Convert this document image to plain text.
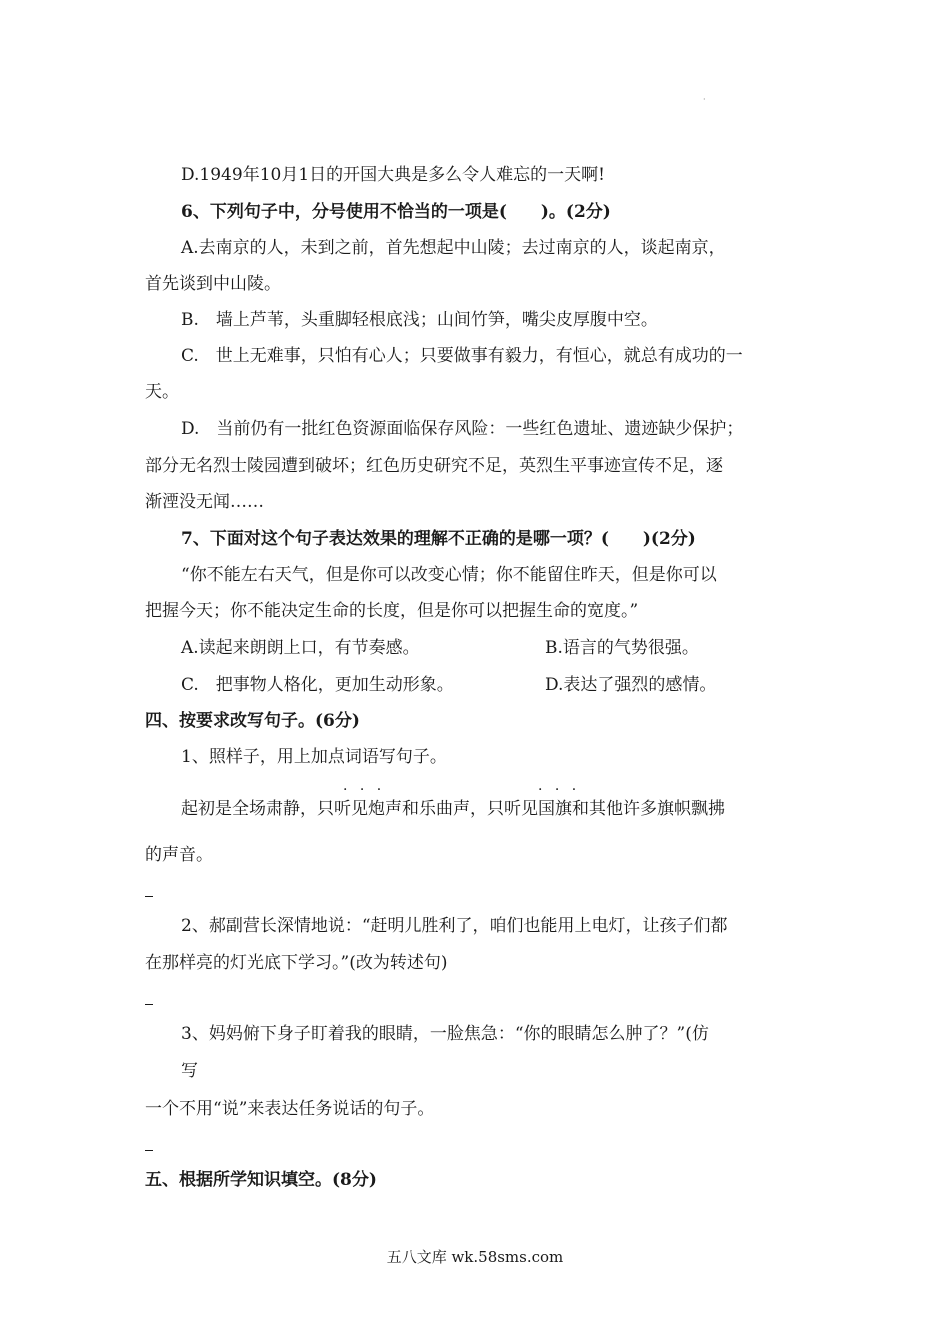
·
D.1949年10月1日的开国大典是多么令人难忘的一天啊!
6、下列句子中，分号使用不恰当的一项是(　　)。(2分)
A.去南京的人，未到之前，首先想起中山陵；去过南京的人，谈起南京，
首先谈到中山陵。
B.　墙上芦苇，头重脚轻根底浅；山间竹笋，嘴尖皮厚腹中空。
C.　世上无难事，只怕有心人；只要做事有毅力，有恒心，就总有成功的一
天。
D.　当前仍有一批红色资源面临保存风险：一些红色遗址、遗迹缺少保护；
部分无名烈士陵园遭到破坏；红色历史研究不足，英烈生平事迹宣传不足，逐
渐湮没无闻……
7、下面对这个句子表达效果的理解不正确的是哪一项？(　　)(2分)
“你不能左右天气，但是你可以改变心情；你不能留住昨天，但是你可以
把握今天；你不能决定生命的长度，但是你可以把握生命的宽度。”
A.读起来朗朗上口，有节奏感。	B.语言的气势很强。
C.　把事物人格化，更加生动形象。	D.表达了强烈的感情。
四、按要求改写句子。(6分)
1、照样子，用上加点词语写句子。
· · ·	· · ·
起初是全场肃静，只听见炮声和乐曲声，只听见国旗和其他许多旗帜飘拂
的声音。
2、郝副营长深情地说：“赶明儿胜利了，咱们也能用上电灯，让孩子们都
在那样亮的灯光底下学习。”(改为转述句)
3、妈妈俯下身子盯着我的眼睛，一脸焦急：“你的眼睛怎么肿了？”(仿
写
一个不用“说”来表达任务说话的句子。
五、根据所学知识填空。(8分)
五八文库 wk.58sms.com
